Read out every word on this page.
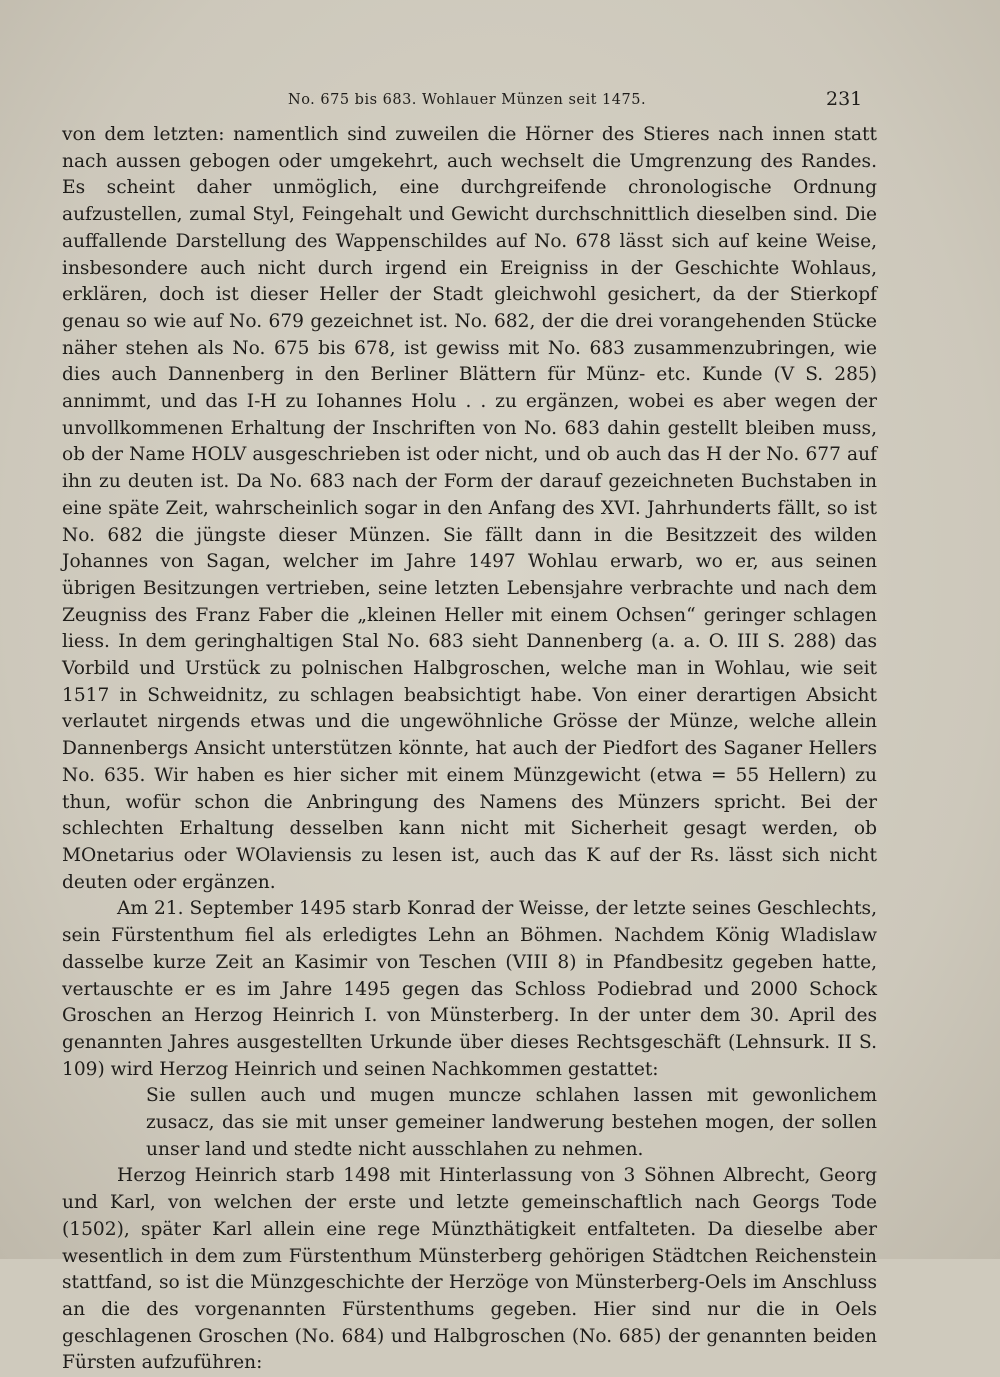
No. 675 bis 683. Wohlauer Münzen seit 1475.	231

von dem letzten: namentlich sind zuweilen die Hörner des Stieres nach innen statt nach aussen gebogen oder umgekehrt, auch wechselt die Umgrenzung des Randes. Es scheint daher unmöglich, eine durchgreifende chronologische Ordnung aufzustellen, zumal Styl, Feingehalt und Gewicht durchschnittlich dieselben sind. Die auffallende Darstellung des Wappenschildes auf No. 678 lässt sich auf keine Weise, insbesondere auch nicht durch irgend ein Ereigniss in der Geschichte Wohlaus, erklären, doch ist dieser Heller der Stadt gleichwohl gesichert, da der Stierkopf genau so wie auf No. 679 gezeichnet ist. No. 682, der die drei vorangehenden Stücke näher stehen als No. 675 bis 678, ist gewiss mit No. 683 zusammenzubringen, wie dies auch Dannenberg in den Berliner Blättern für Münz- etc. Kunde (V S. 285) annimmt, und das I-H zu Iohannes Holu . . zu ergänzen, wobei es aber wegen der unvollkommenen Erhaltung der Inschriften von No. 683 dahin gestellt bleiben muss, ob der Name HOLV ausgeschrieben ist oder nicht, und ob auch das H der No. 677 auf ihn zu deuten ist. Da No. 683 nach der Form der darauf gezeichneten Buchstaben in eine späte Zeit, wahrscheinlich sogar in den Anfang des XVI. Jahrhunderts fällt, so ist No. 682 die jüngste dieser Münzen. Sie fällt dann in die Besitzzeit des wilden Johannes von Sagan, welcher im Jahre 1497 Wohlau erwarb, wo er, aus seinen übrigen Besitzungen vertrieben, seine letzten Lebensjahre verbrachte und nach dem Zeugniss des Franz Faber die „kleinen Heller mit einem Ochsen“ geringer schlagen liess. In dem geringhaltigen Stal No. 683 sieht Dannenberg (a. a. O. III S. 288) das Vorbild und Urstück zu polnischen Halbgroschen, welche man in Wohlau, wie seit 1517 in Schweidnitz, zu schlagen beabsichtigt habe. Von einer derartigen Absicht verlautet nirgends etwas und die ungewöhnliche Grösse der Münze, welche allein Dannenbergs Ansicht unterstützen könnte, hat auch der Piedfort des Saganer Hellers No. 635. Wir haben es hier sicher mit einem Münzgewicht (etwa = 55 Hellern) zu thun, wofür schon die Anbringung des Namens des Münzers spricht. Bei der schlechten Erhaltung desselben kann nicht mit Sicherheit gesagt werden, ob MOnetarius oder WOlaviensis zu lesen ist, auch das K auf der Rs. lässt sich nicht deuten oder ergänzen.

Am 21. September 1495 starb Konrad der Weisse, der letzte seines Geschlechts, sein Fürstenthum fiel als erledigtes Lehn an Böhmen. Nachdem König Wladislaw dasselbe kurze Zeit an Kasimir von Teschen (VIII 8) in Pfandbesitz gegeben hatte, vertauschte er es im Jahre 1495 gegen das Schloss Podiebrad und 2000 Schock Groschen an Herzog Heinrich I. von Münsterberg. In der unter dem 30. April des genannten Jahres ausgestellten Urkunde über dieses Rechtsgeschäft (Lehnsurk. II S. 109) wird Herzog Heinrich und seinen Nachkommen gestattet:

Sie sullen auch und mugen muncze schlahen lassen mit gewonlichem zusacz, das sie mit unser gemeiner landwerung bestehen mogen, der sollen unser land und stedte nicht ausschlahen zu nehmen.

Herzog Heinrich starb 1498 mit Hinterlassung von 3 Söhnen Albrecht, Georg und Karl, von welchen der erste und letzte gemeinschaftlich nach Georgs Tode (1502), später Karl allein eine rege Münzthätigkeit entfalteten. Da dieselbe aber wesentlich in dem zum Fürstenthum Münsterberg gehörigen Städtchen Reichenstein stattfand, so ist die Münzgeschichte der Herzöge von Münsterberg-Oels im Anschluss an die des vorgenannten Fürstenthums gegeben. Hier sind nur die in Oels geschlagenen Groschen (No. 684) und Halbgroschen (No. 685) der genannten beiden Fürsten aufzuführen:
